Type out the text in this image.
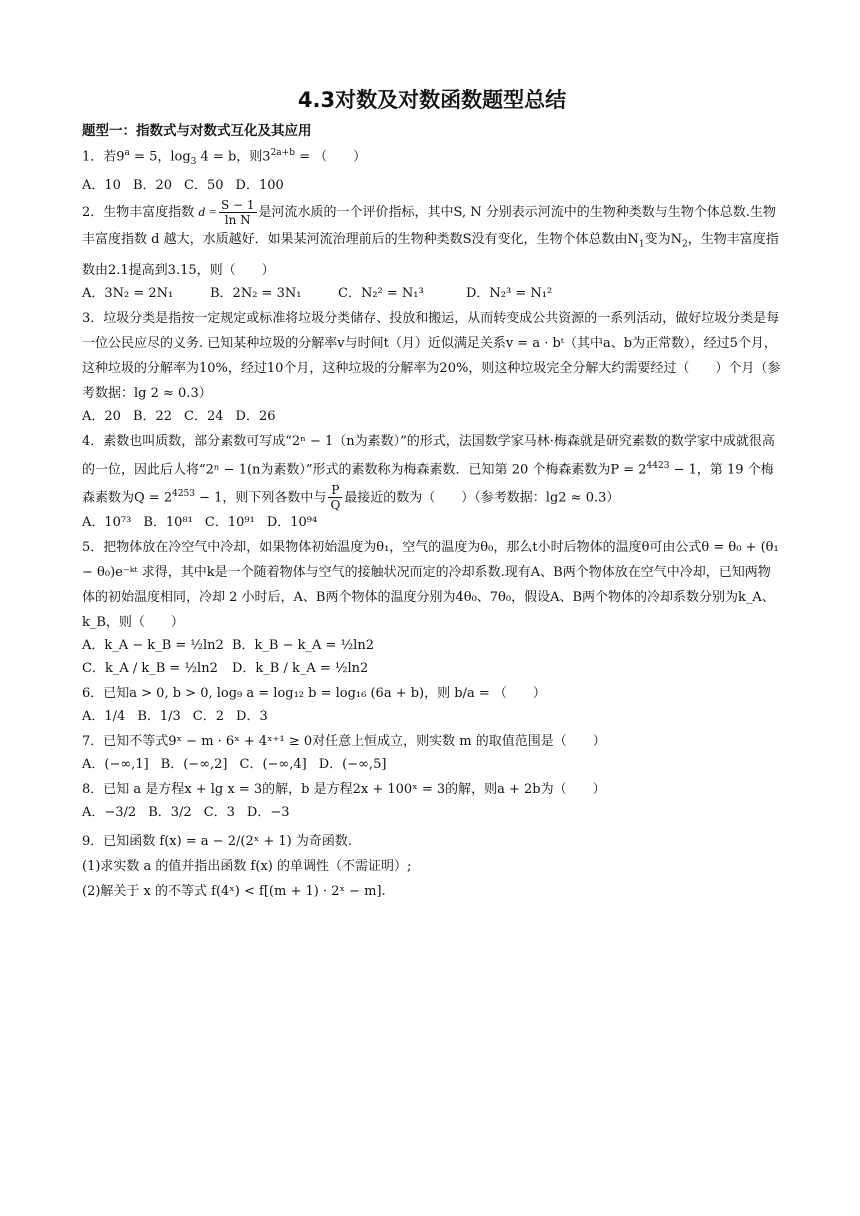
4.3对数及对数函数题型总结
题型一：指数式与对数式互化及其应用

1．若$9^a = 5$，$\log_3 4 = b$，则$3^{2a+b}$ = （　　）

A．10 B．20 C．50 D．100

2．生物丰富度指数 $d = \frac{S - 1}{\text{ln N}}$ 是河流水质的一个评价指标，其中S, N 分别表示河流中的生物种类数与生物个体总数.生物丰富度指数 d 越大，水质越好．如果某河流治理前后的生物种类数S没有变化，生物个体总数由$N_1$变为$N_2$，生物丰富度指数由2.1提高到3.15，则（　　）

A．3N₂ = 2N₁	B．2N₂ = 3N₁	C．N₂² = N₁³	D．N₂³ = N₁²

3．垃圾分类是指按一定规定或标准将垃圾分类储存、投放和搬运，从而转变成公共资源的一系列活动，做好垃圾分类是每一位公民应尽的义务. 已知某种垃圾的分解率v与时间t（月）近似满足关系v = a · bᵗ（其中a、b为正常数），经过5个月，这种垃圾的分解率为10%，经过10个月，这种垃圾的分解率为20%，则这种垃圾完全分解大约需要经过（　　）个月（参考数据：lg 2 ≈ 0.3）

A．20 B．22 C．24 D．26

4．素数也叫质数，部分素数可写成“2ⁿ − 1（n为素数）”的形式，法国数学家马林·梅森就是研究素数的数学家中成就很高的一位，因此后人将“2ⁿ − 1(n为素数）”形式的素数称为梅森素数．已知第 20 个梅森素数为$P = 2^{4423} - 1$，第 19 个梅森素数为$Q = 2^{4253} - 1$，则下列各数中与 $\frac{P}{Q}$ 最接近的数为（　　）（参考数据：lg2 ≈ 0.3）

A．10⁷³ B．10⁸¹ C．10⁹¹ D．10⁹⁴

5．把物体放在冷空气中冷却，如果物体初始温度为θ₁，空气的温度为θ₀，那么t小时后物体的温度θ可由公式θ = θ₀ + (θ₁ − θ₀)e⁻ᵏᵗ 求得，其中k是一个随着物体与空气的接触状况而定的冷却系数.现有A、B两个物体放在空气中冷却，已知两物体的初始温度相同，冷却 2 小时后，A、B两个物体的温度分别为4θ₀、7θ₀，假设A、B两个物体的冷却系数分别为k_A、k_B，则（　　）

A．k_A − k_B = ½ln2 B．k_B − k_A = ½ln2
C．k_A / k_B = ½ln2	D．k_B / k_A = ½ln2

6．已知a > 0, b > 0, log₉ a = log₁₂ b = log₁₆ (6a + b)，则 b/a = （　　）

A．1/4 B．1/3 C．2 D．3

7．已知不等式9ˣ − m · 6ˣ + 4ˣ⁺¹ ≥ 0对任意上恒成立，则实数 m 的取值范围是（　　）

A．(−∞,1] B．(−∞,2] C．(−∞,4] D．(−∞,5]

8．已知 a 是方程x + lg x = 3的解，b 是方程2x + 100ˣ = 3的解，则a + 2b为（　　）

A．−3/2 B．3/2 C．3 D．−3

9．已知函数 f(x) = a − 2/(2ˣ + 1) 为奇函数.

(1)求实数 a 的值并指出函数 f(x) 的单调性（不需证明）;

(2)解关于 x 的不等式 f(4ˣ) < f[(m + 1) · 2ˣ − m].
